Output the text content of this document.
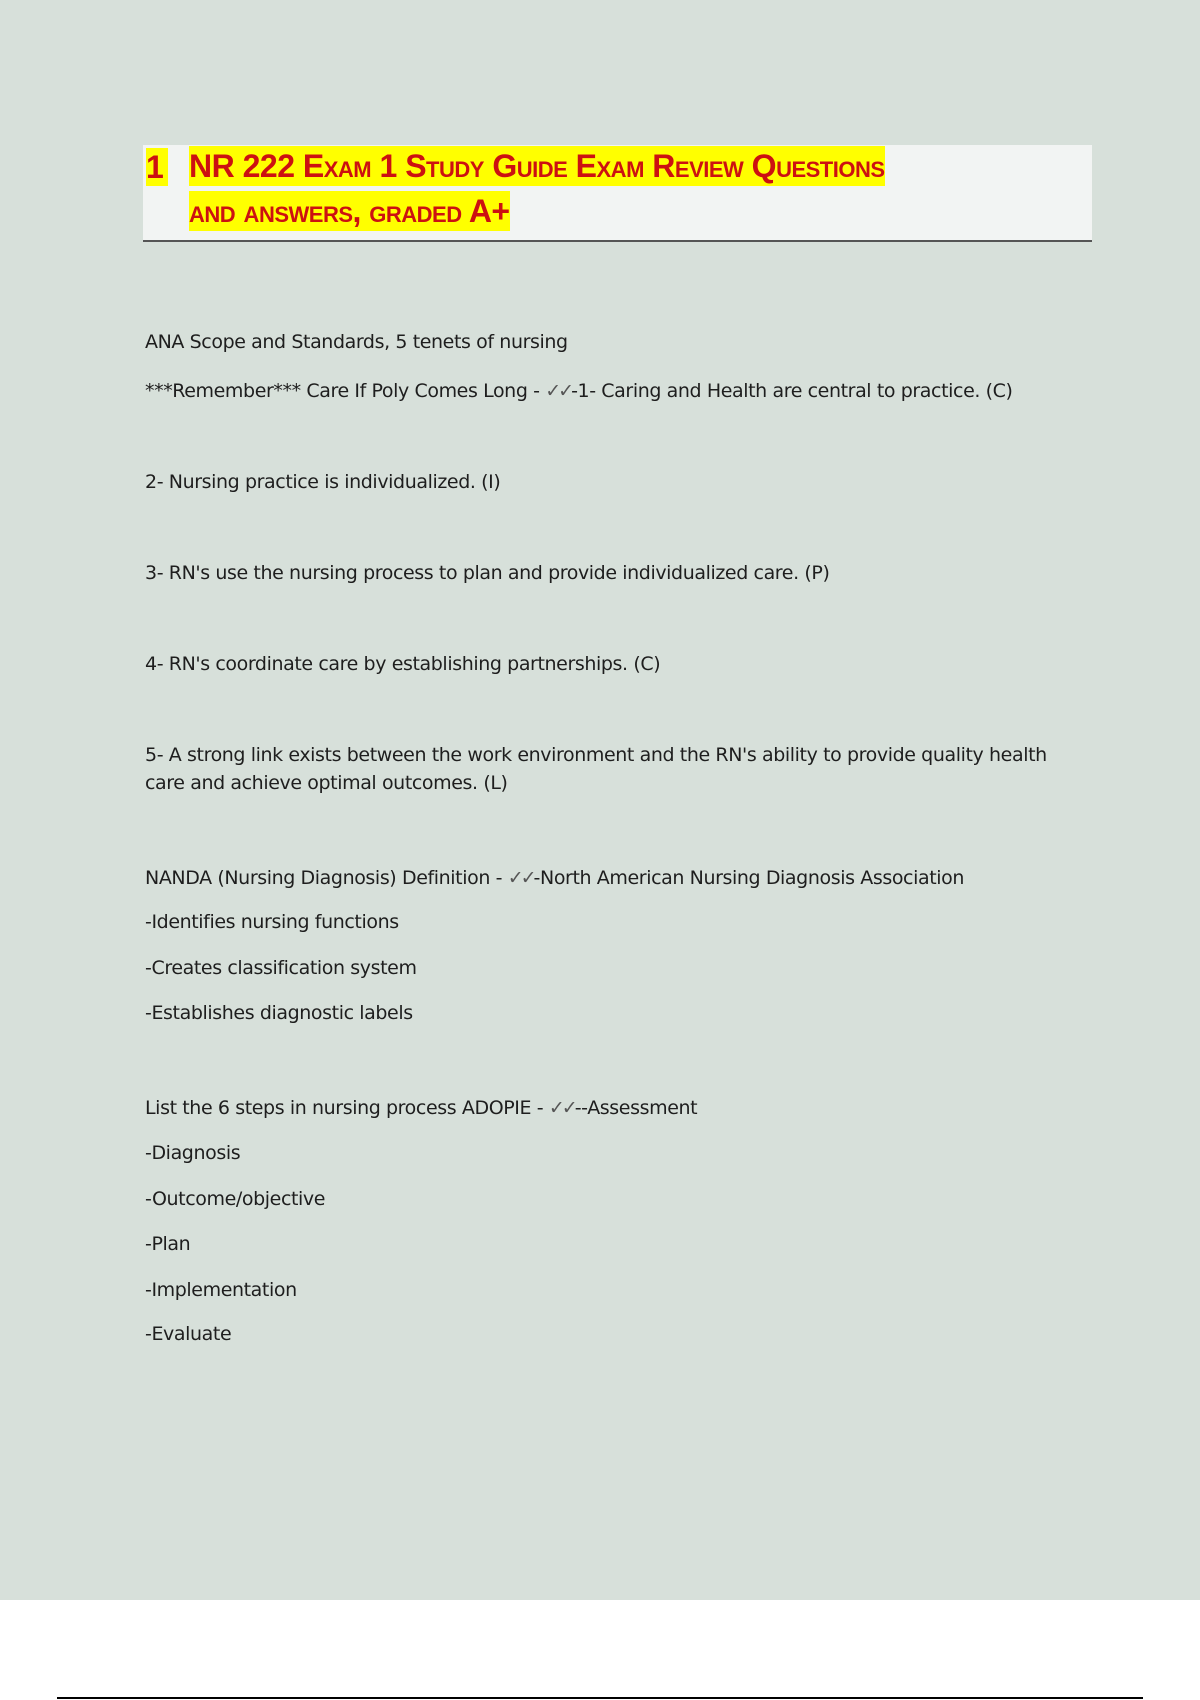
1 NR 222 Exam 1 Study Guide Exam Review Questions
and answers, graded A+
ANA Scope and Standards, 5 tenets of nursing
***Remember*** Care If Poly Comes Long - ✓✓-1- Caring and Health are central to practice. (C)
2- Nursing practice is individualized. (I)
3- RN's use the nursing process to plan and provide individualized care. (P)
4- RN's coordinate care by establishing partnerships. (C)
5- A strong link exists between the work environment and the RN's ability to provide quality health care and achieve optimal outcomes. (L)
NANDA (Nursing Diagnosis) Definition - ✓✓-North American Nursing Diagnosis Association
-Identifies nursing functions
-Creates classification system
-Establishes diagnostic labels
List the 6 steps in nursing process ADOPIE - ✓✓--Assessment
-Diagnosis
-Outcome/objective
-Plan
-Implementation
-Evaluate
